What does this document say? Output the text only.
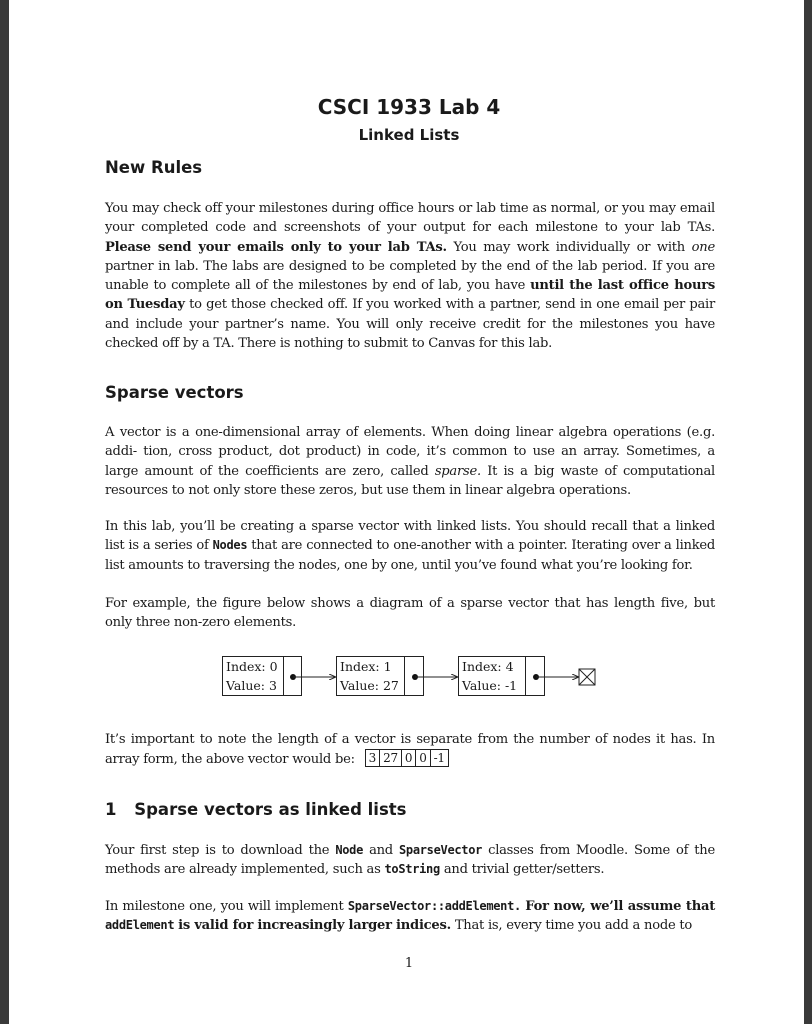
CSCI 1933 Lab 4
Linked Lists
New Rules
You may check off your milestones during office hours or lab time as normal, or you may email your completed code and screenshots of your output for each milestone to your lab TAs. Please send your emails only to your lab TAs. You may work individually or with one partner in lab. The labs are designed to be completed by the end of the lab period. If you are unable to complete all of the milestones by end of lab, you have until the last office hours on Tuesday to get those checked off. If you worked with a partner, send in one email per pair and include your partner’s name. You will only receive credit for the milestones you have checked off by a TA. There is nothing to submit to Canvas for this lab.
Sparse vectors
A vector is a one-dimensional array of elements. When doing linear algebra operations (e.g. addi- tion, cross product, dot product) in code, it’s common to use an array. Sometimes, a large amount of the coefficients are zero, called sparse. It is a big waste of computational resources to not only store these zeros, but use them in linear algebra operations.
In this lab, you’ll be creating a sparse vector with linked lists. You should recall that a linked list is a series of Nodes that are connected to one-another with a pointer. Iterating over a linked list amounts to traversing the nodes, one by one, until you’ve found what you’re looking for.
For example, the figure below shows a diagram of a sparse vector that has length five, but only three non-zero elements.
Index: 0
Value: 3
Index: 1
Value: 27
Index: 4
Value: -1
It’s important to note the length of a vector is separate from the number of nodes it has. In array form, the above vector would be: 3 27 0 0 -1
1 Sparse vectors as linked lists
Your first step is to download the Node and SparseVector classes from Moodle. Some of the methods are already implemented, such as toString and trivial getter/setters.
In milestone one, you will implement SparseVector::addElement. For now, we’ll assume that addElement is valid for increasingly larger indices. That is, every time you add a node to
1
